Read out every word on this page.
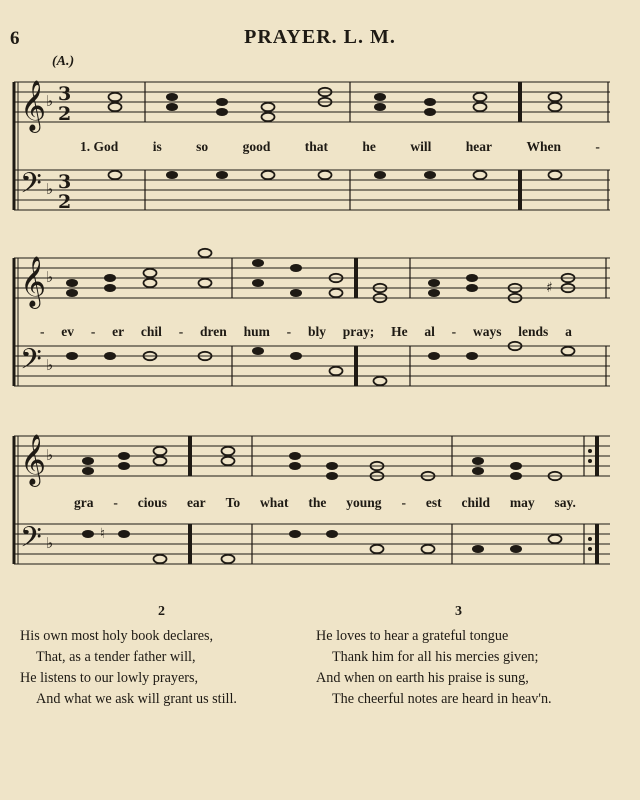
6	PRAYER. L. M.
(A.)
𝄞
𝄢
♭
♭
3
2
3
2
1. God	is	so	good	that	he	will	hear	When	-
𝄞
𝄢
♭
♭
♯
- ev - er chil - dren hum - bly pray; He al - ways lends a
𝄞
𝄢
♭
♭	♮
gra - cious ear To what the young - est child may say.
2
His own most holy book declares,
That, as a tender father will,
He listens to our lowly prayers,
And what we ask will grant us still.
3
He loves to hear a grateful tongue
Thank him for all his mercies given;
And when on earth his praise is sung,
The cheerful notes are heard in heav'n.
